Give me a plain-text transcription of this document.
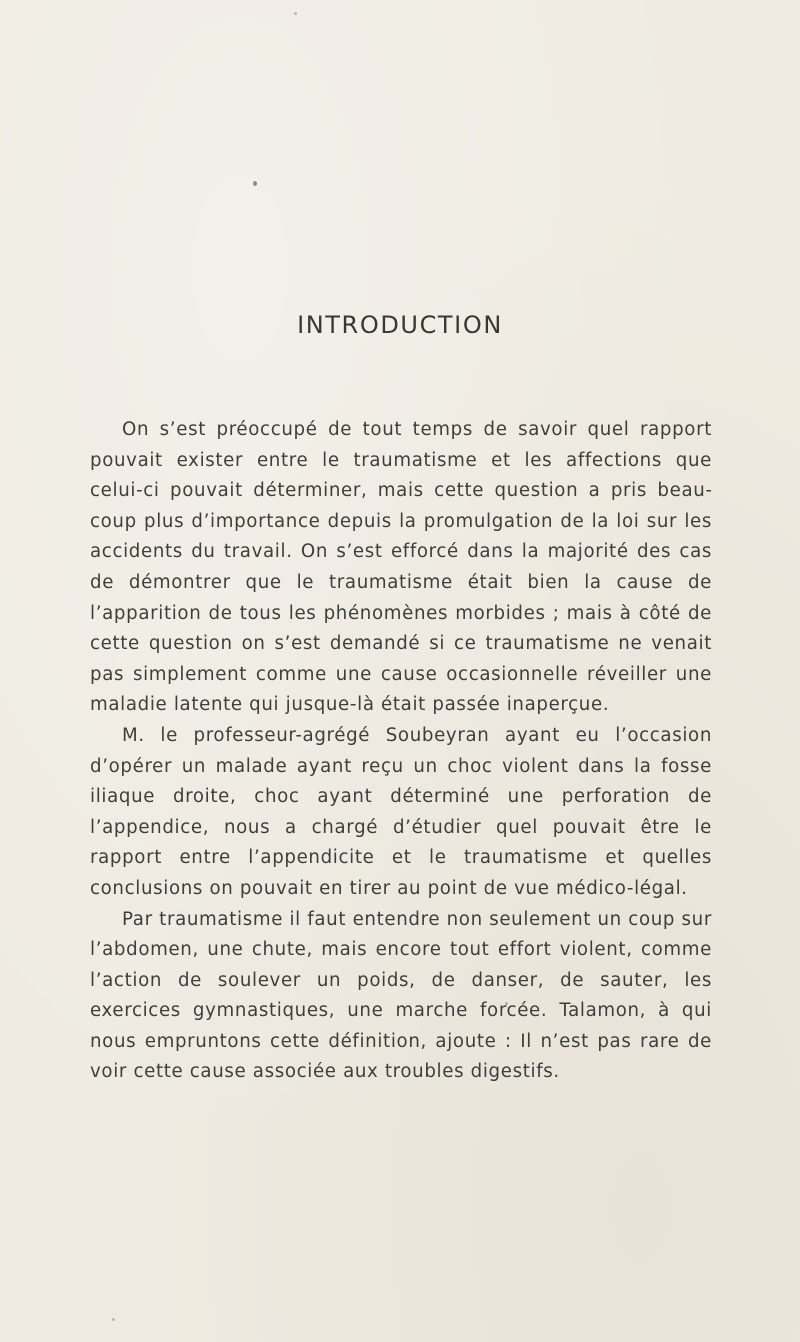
INTRODUCTION

On s’est préoccupé de tout temps de savoir quel rapport pouvait exister entre le traumatisme et les affections que celui-ci pouvait déterminer, mais cette question a pris beaucoup plus d’importance depuis la promulgation de la loi sur les accidents du travail. On s’est efforcé dans la majorité des cas de démontrer que le traumatisme était bien la cause de l’apparition de tous les phénomènes morbides ; mais à côté de cette question on s’est demandé si ce traumatisme ne venait pas simplement comme une cause occasionnelle réveiller une maladie latente qui jusque-là était passée inaperçue.

M. le professeur-agrégé Soubeyran ayant eu l’occasion d’opérer un malade ayant reçu un choc violent dans la fosse iliaque droite, choc ayant déterminé une perforation de l’appendice, nous a chargé d’étudier quel pouvait être le rapport entre l’appendicite et le traumatisme et quelles conclusions on pouvait en tirer au point de vue médico-légal.

Par traumatisme il faut entendre non seulement un coup sur l’abdomen, une chute, mais encore tout effort violent, comme l’action de soulever un poids, de danser, de sauter, les exercices gymnastiques, une marche forcée. Talamon, à qui nous empruntons cette définition, ajoute : Il n’est pas rare de voir cette cause associée aux troubles digestifs.
